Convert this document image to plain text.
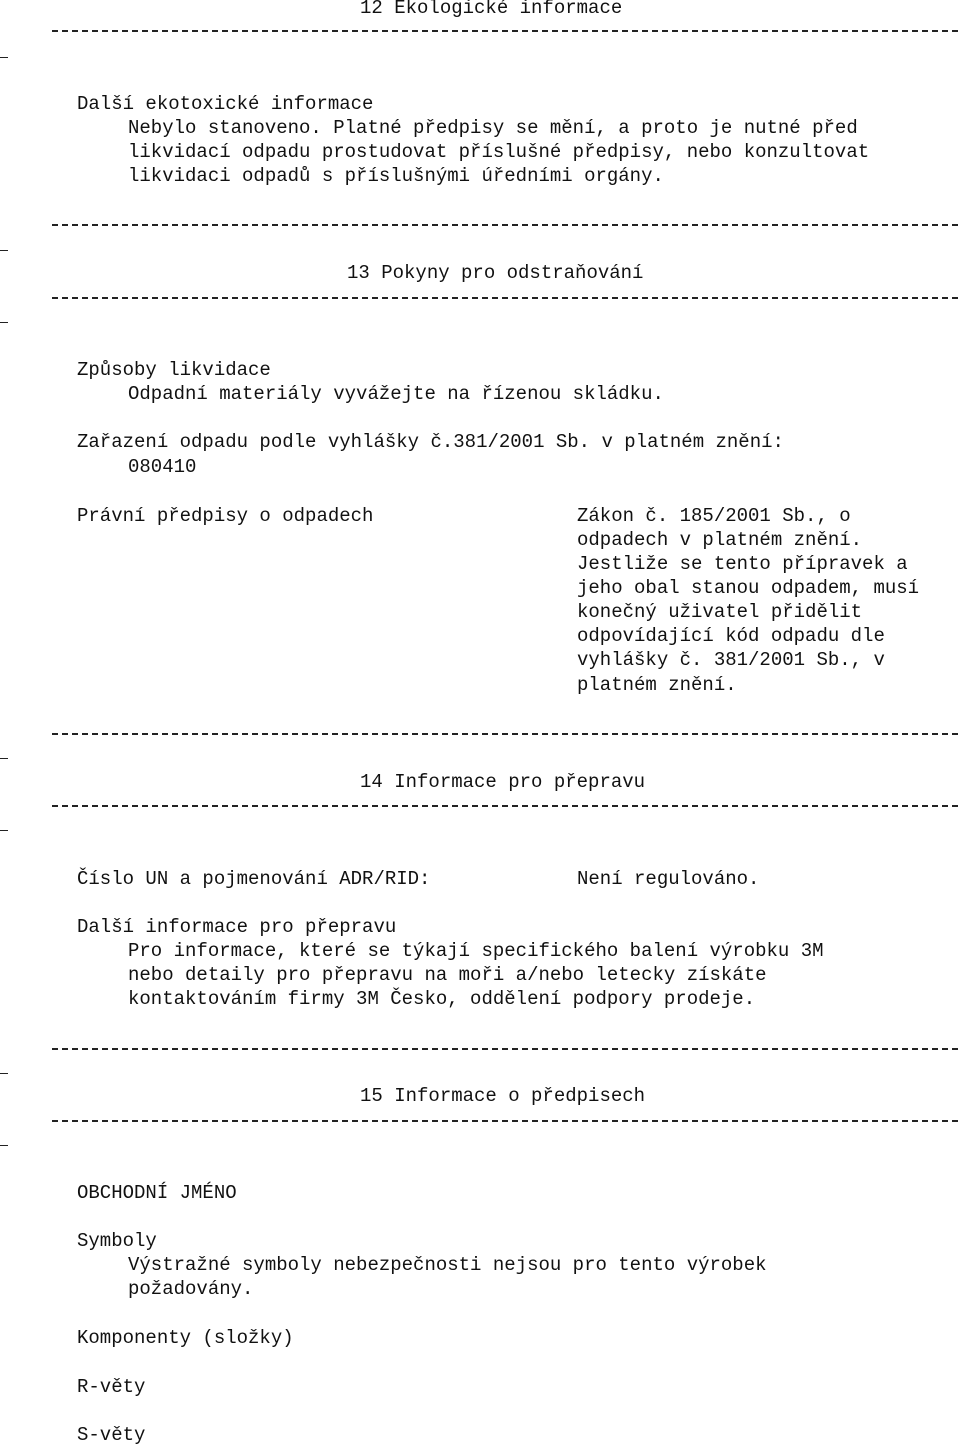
12 Ekologické informace
Další ekotoxické informace
Nebylo stanoveno. Platné předpisy se mění, a proto je nutné před
likvidací odpadu prostudovat příslušné předpisy, nebo konzultovat
likvidaci odpadů s příslušnými úředními orgány.
13 Pokyny pro odstraňování
Způsoby likvidace
Odpadní materiály vyvážejte na řízenou skládku.
Zařazení odpadu podle vyhlášky č.381/2001 Sb. v platném znění:
080410
Právní předpisy o odpadech	Zákon č. 185/2001 Sb., o
odpadech v platném znění.
Jestliže se tento přípravek a
jeho obal stanou odpadem, musí
konečný uživatel přidělit
odpovídající kód odpadu dle
vyhlášky č. 381/2001 Sb., v
platném znění.
14 Informace pro přepravu
Číslo UN a pojmenování ADR/RID:	Není regulováno.
Další informace pro přepravu
Pro informace, které se týkají specifického balení výrobku 3M
nebo detaily pro přepravu na moři a/nebo letecky získáte
kontaktováním firmy 3M Česko, oddělení podpory prodeje.
15 Informace o předpisech
OBCHODNÍ JMÉNO
Symboly
Výstražné symboly nebezpečnosti nejsou pro tento výrobek
požadovány.
Komponenty (složky)
R-věty
S-věty
